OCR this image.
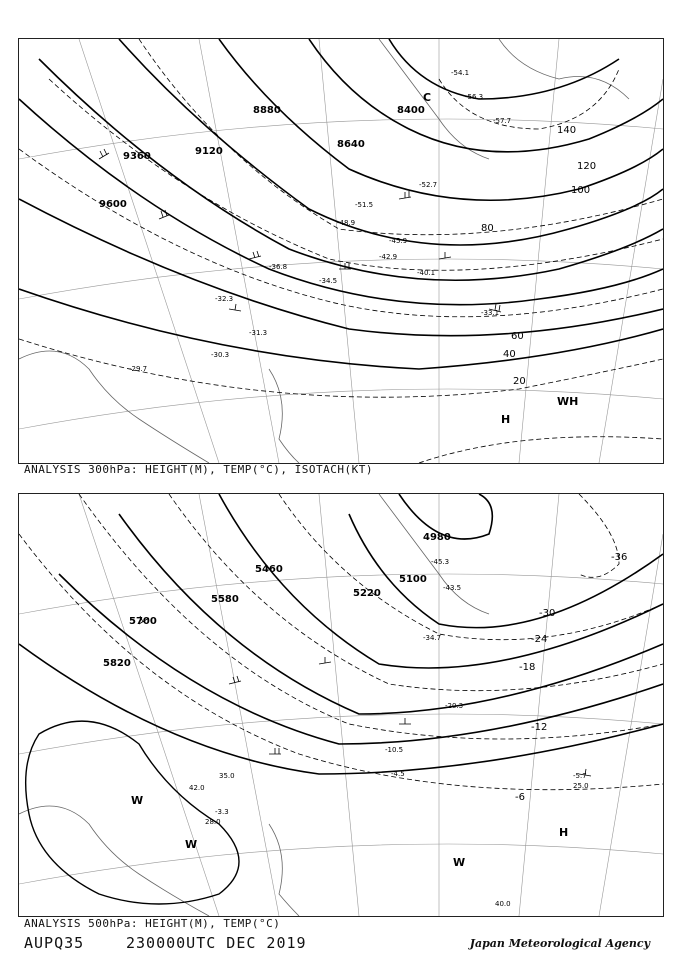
9600
9360	9120
8880
8640
8400
20
40
60
80
100
120
140
-29.7
-30.3
-31.3
-32.3
-33.1
-34.5
-36.8
-40.1
-42.9
-45.9
-48.9
-51.5
-52.7
-54.1
-56.3
-57.7
H
C
WH
ANALYSIS 300hPa: HEIGHT(M), TEMP(°C), ISOTACH(KT)
5820
5700
5580
5460
5220
5100
4980
-6
-12
-18
-24
-30
-36
-3.3
-4.5
-10.5
-20.3
-34.7
-43.5
-45.3
-5.7
25.0
28.0
35.0
40.0
42.0
H
W
W
W
ANALYSIS 500hPa: HEIGHT(M), TEMP(°C)
AUPQ35	230000UTC DEC 2019	Japan Meteorological Agency
